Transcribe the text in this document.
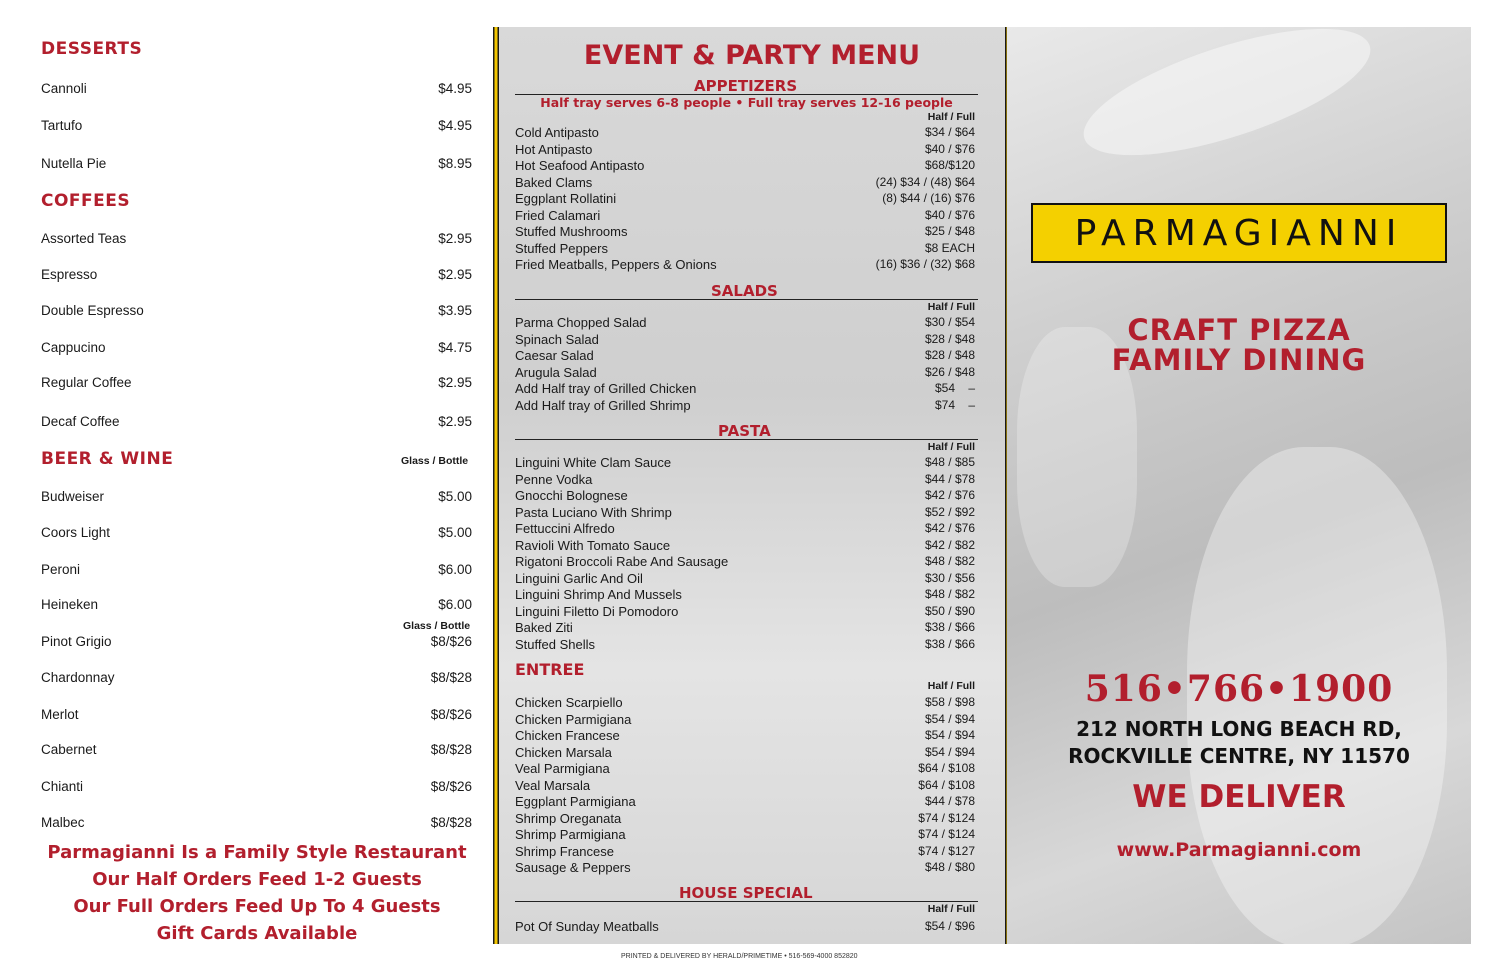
DESSERTS
Cannoli	$4.95
Tartufo	$4.95
Nutella Pie	$8.95
COFFEES
Assorted Teas	$2.95
Espresso	$2.95
Double Espresso	$3.95
Cappucino	$4.75
Regular Coffee	$2.95
Decaf Coffee	$2.95
BEER & WINE	Glass / Bottle
Budweiser	$5.00
Coors Light	$5.00
Peroni	$6.00
Heineken	$6.00
Glass / Bottle
Pinot Grigio	$8/$26
Chardonnay	$8/$28
Merlot	$8/$26
Cabernet	$8/$28
Chianti	$8/$26
Malbec	$8/$28
Parmagianni Is a Family Style Restaurant
Our Half Orders Feed 1-2 Guests
Our Full Orders Feed Up To 4 Guests
Gift Cards Available
EVENT & PARTY MENU
APPETIZERS
Half / Full
Half tray serves 6-8 people • Full tray serves 12-16 people
Cold Antipasto	$34 / $64
Hot Antipasto	$40 / $76
Hot Seafood Antipasto	$68/$120
Baked Clams	(24) $34 / (48) $64
Eggplant Rollatini	(8) $44 / (16) $76
Fried Calamari	$40 / $76
Stuffed Mushrooms	$25 / $48
Stuffed Peppers	$8 EACH
Fried Meatballs, Peppers & Onions	(16) $36 / (32) $68
SALADS
Half / Full
Parma Chopped Salad	$30 / $54
Spinach Salad	$28 / $48
Caesar Salad	$28 / $48
Arugula Salad	$26 / $48
Add Half tray of Grilled Chicken	$54    –
Add Half tray of Grilled Shrimp	$74    –
PASTA
Half / Full
Linguini White Clam Sauce	$48 / $85
Penne Vodka	$44 / $78
Gnocchi Bolognese	$42 / $76
Pasta Luciano With Shrimp	$52 / $92
Fettuccini Alfredo	$42 / $76
Ravioli With Tomato Sauce	$42 / $82
Rigatoni Broccoli Rabe And Sausage	$48 / $82
Linguini Garlic And Oil	$30 / $56
Linguini Shrimp And Mussels	$48 / $82
Linguini Filetto Di Pomodoro	$50 / $90
Baked Ziti	$38 / $66
Stuffed Shells	$38 / $66
ENTREE
Half / Full
Chicken Scarpiello	$58 / $98
Chicken Parmigiana	$54 / $94
Chicken Francese	$54 / $94
Chicken Marsala	$54 / $94
Veal Parmigiana	$64 / $108
Veal Marsala	$64 / $108
Eggplant Parmigiana	$44 / $78
Shrimp Oreganata	$74 / $124
Shrimp Parmigiana	$74 / $124
Shrimp Francese	$74 / $127
Sausage & Peppers	$48 / $80
HOUSE SPECIAL
Half / Full
Pot Of Sunday Meatballs	$54 / $96
PARMAGIANNI
CRAFT PIZZA
FAMILY DINING
516•766•1900
212 NORTH LONG BEACH RD,
ROCKVILLE CENTRE, NY 11570
WE DELIVER
www.Parmagianni.com
PRINTED & DELIVERED BY HERALD/PRIMETIME • 516-569-4000 852820
